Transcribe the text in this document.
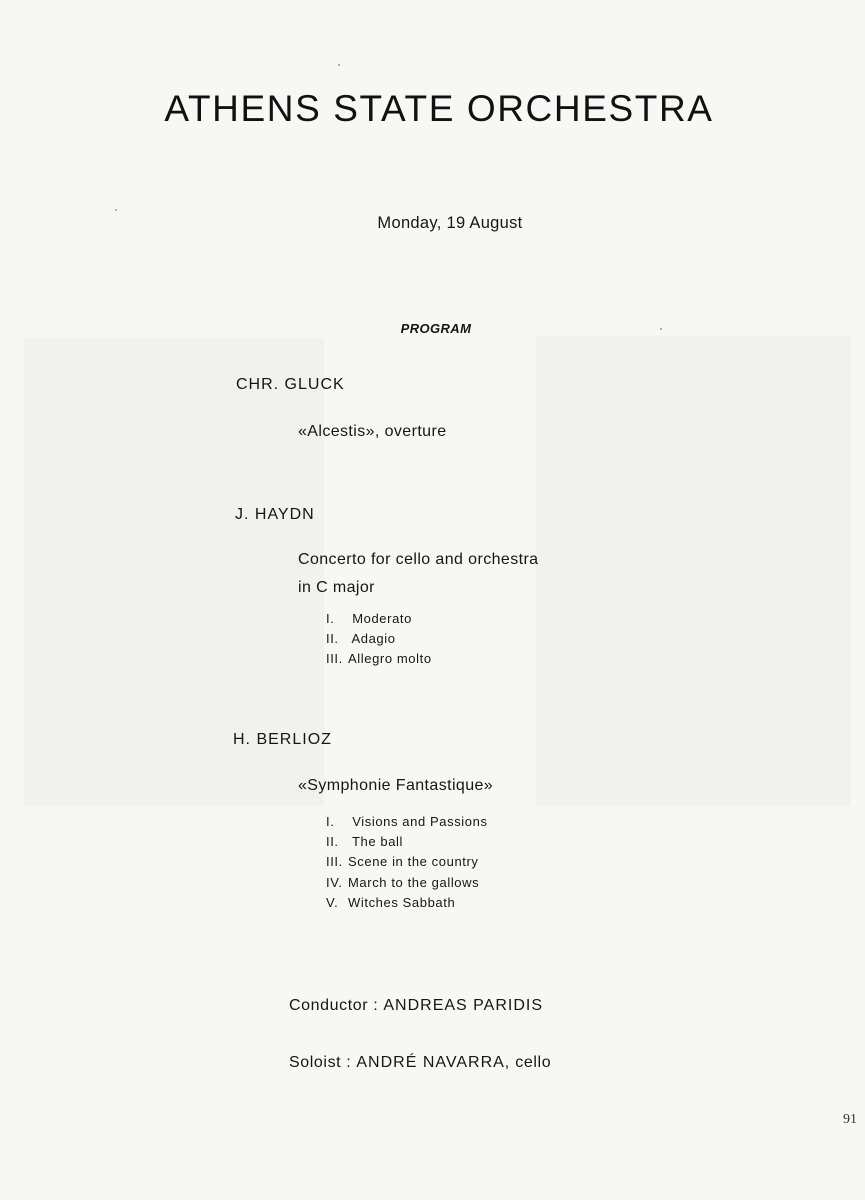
ATHENS STATE ORCHESTRA
Monday, 19 August
PROGRAM
CHR. GLUCK
«Alcestis», overture
J. HAYDN
Concerto for cello and orchestra
in C major
I. Moderato
II. Adagio
III. Allegro molto
H. BERLIOZ
«Symphonie Fantastique»
I. Visions and Passions
II. The ball
III. Scene in the country
IV. March to the gallows
V. Witches Sabbath
Conductor : ANDREAS PARIDIS
Soloist : ANDRÉ NAVARRA, cello
91
